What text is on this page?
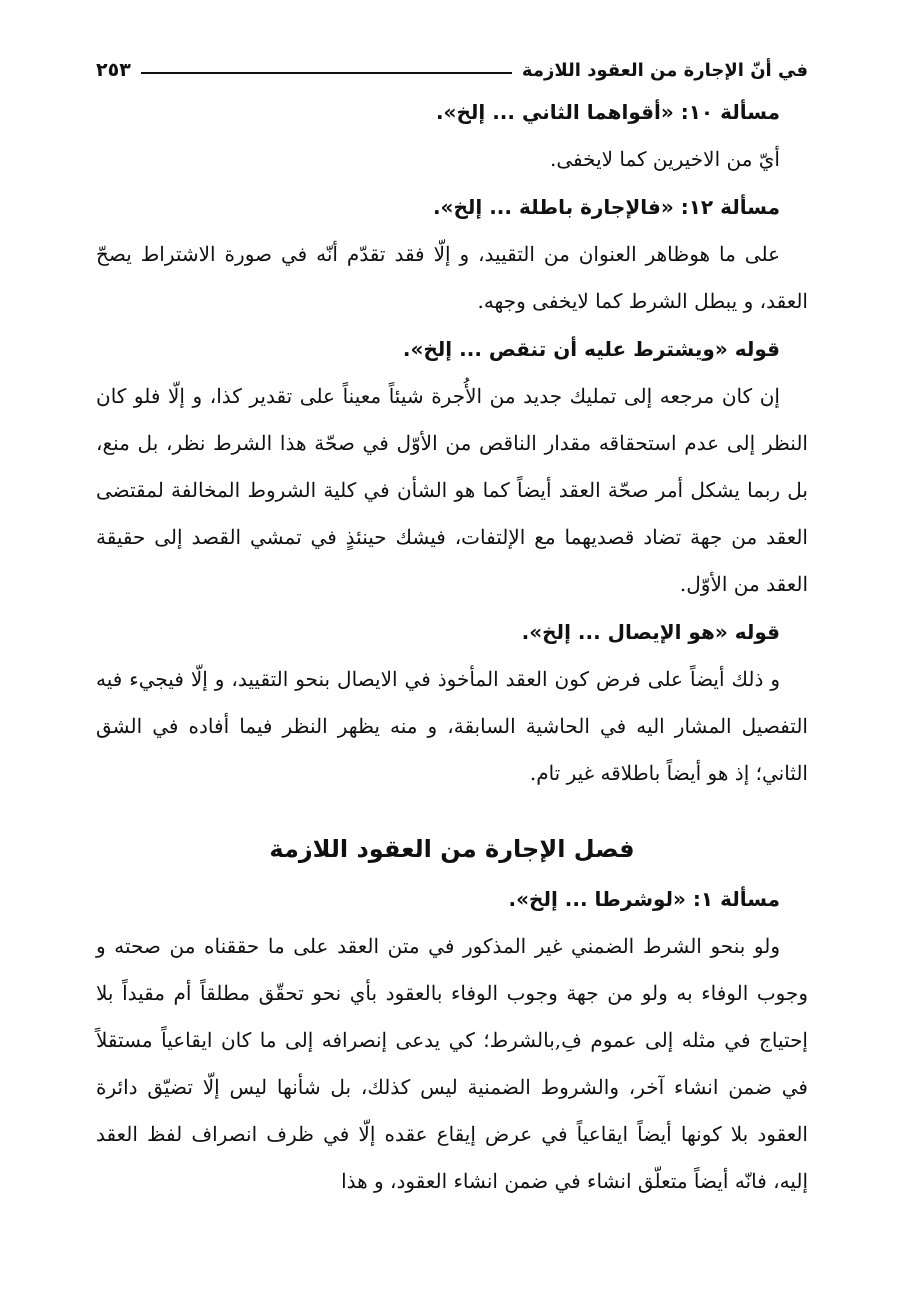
في أنّ الإجارة من العقود اللازمة
٢٥٣
مسألة ١٠: «أقواهما الثاني ... إلخ».
أيّ من الاخيرين كما لايخفى.
مسألة ١٢: «فالإجارة باطلة ... إلخ».
على ما هوظاهر العنوان من التقييد، و إلّا فقد تقدّم أنّه في صورة الاشتراط يصحّ العقد، و يبطل الشرط كما لايخفى وجهه.
قوله «ويشترط عليه أن تنقص ... إلخ».
إن كان مرجعه إلى تمليك جديد من الأُجرة شيئاً معيناً على تقدير كذا، و إلّا فلو كان النظر إلى عدم استحقاقه مقدار الناقص من الأوّل في صحّة هذا الشرط نظر، بل منع، بل ربما يشكل أمر صحّة العقد أيضاً كما هو الشأن في كلية الشروط المخالفة لمقتضى العقد من جهة تضاد قصديهما مع الإلتفات، فيشك حينئذٍ في تمشي القصد إلى حقيقة العقد من الأوّل.
قوله «هو الإيصال ... إلخ».
و ذلك أيضاً على فرض كون العقد المأخوذ في الايصال بنحو التقييد، و إلّا فيجيء فيه التفصيل المشار اليه في الحاشية السابقة، و منه يظهر النظر فيما أفاده في الشق الثاني؛ إذ هو أيضاً باطلاقه غير تام.
فصل الإجارة من العقود اللازمة
مسألة ١: «لوشرطا ... إلخ».
ولو بنحو الشرط الضمني غير المذكور في متن العقد على ما حققناه من صحته و وجوب الوفاء به ولو من جهة وجوب الوفاء بالعقود بأي نحو تحقّق مطلقاً أم مقيداً بلا إحتياج في مثله إلى عموم فِ,بالشرط؛ كي يدعى إنصرافه إلى ما كان ايقاعياً مستقلاً في ضمن انشاء آخر، والشروط الضمنية ليس كذلك، بل شأنها ليس إلّا تضيّق دائرة العقود بلا كونها أيضاً ايقاعياً في عرض إيقاع عقده إلّا في ظرف انصراف لفظ العقد إليه، فانّه أيضاً متعلّق انشاء في ضمن انشاء العقود، و هذا
